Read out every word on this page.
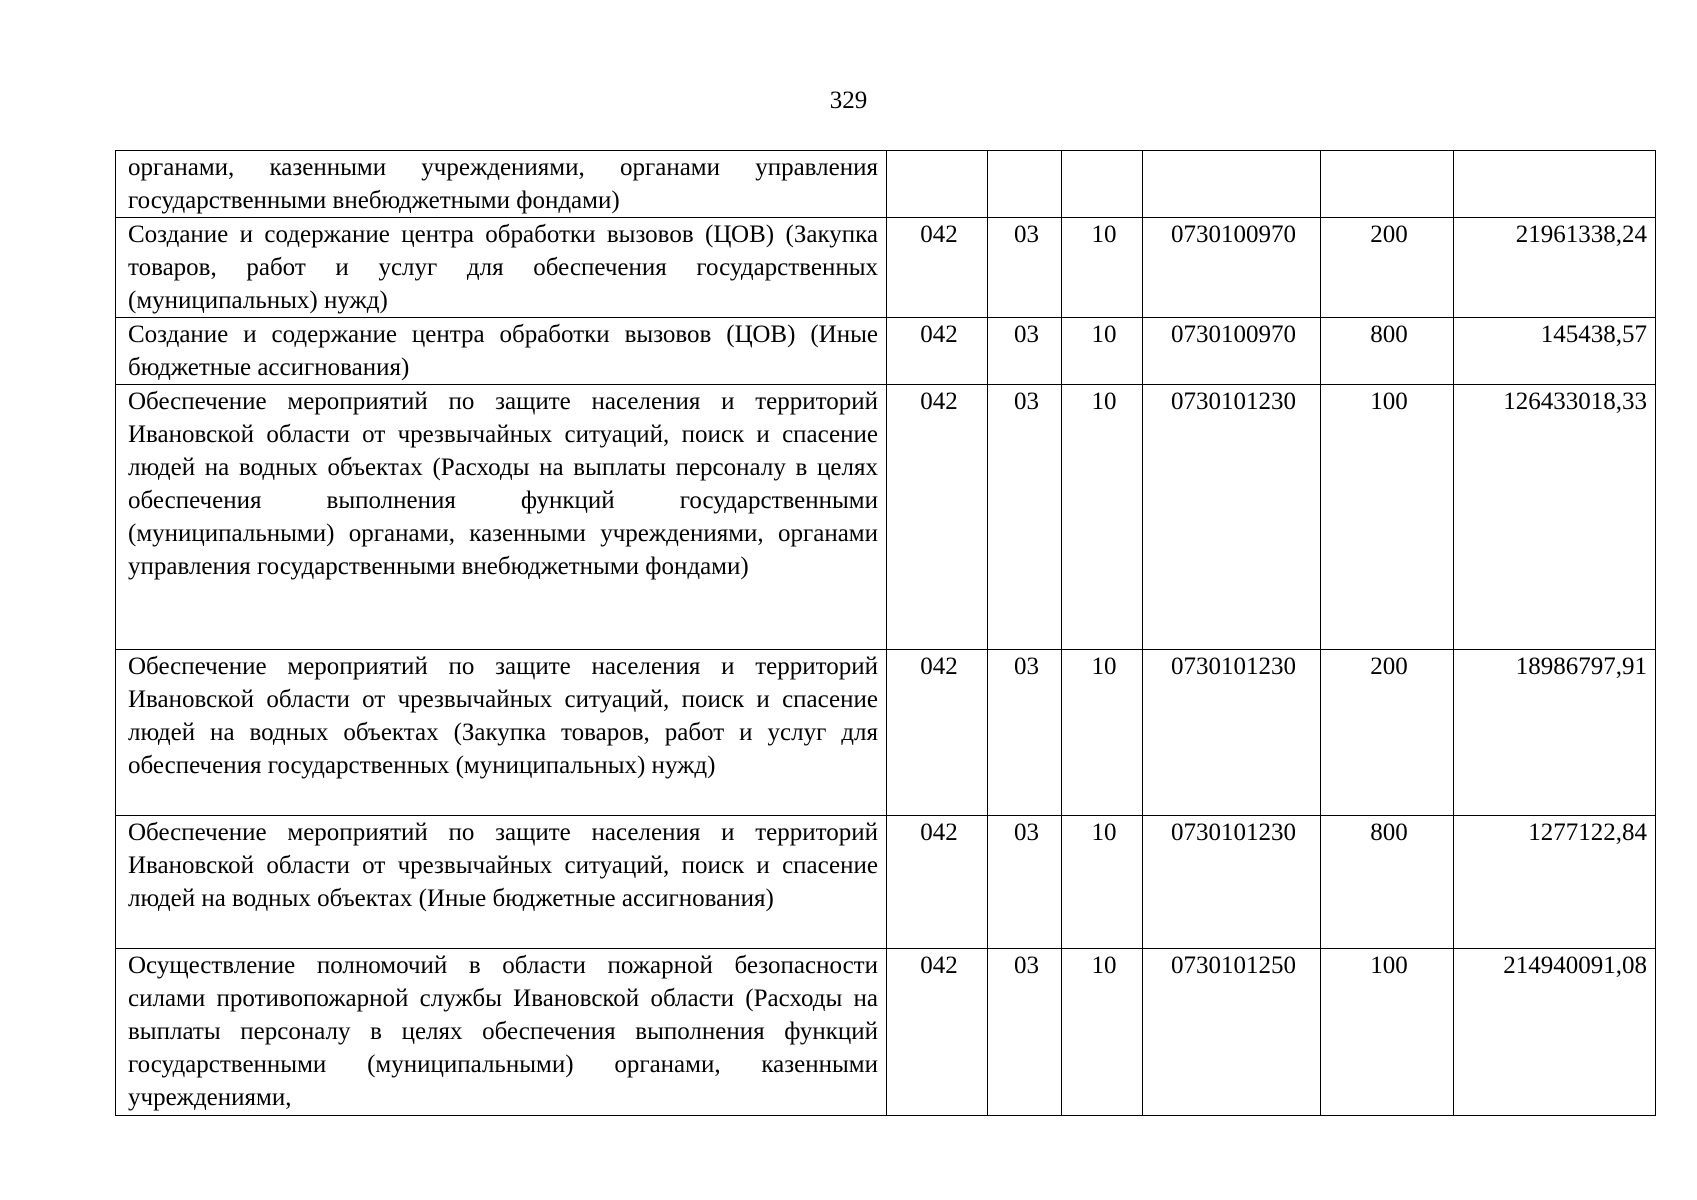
329
органами, казенными учреждениями, органами управления государственными внебюджетными фондами)						
Создание и содержание центра обработки вызовов (ЦОВ) (Закупка товаров, работ и услуг для обеспечения государственных (муниципальных) нужд)	042	03	10	0730100970	200	21961338,24
Создание и содержание центра обработки вызовов (ЦОВ) (Иные бюджетные ассигнования)	042	03	10	0730100970	800	145438,57
Обеспечение мероприятий по защите населения и территорий Ивановской области от чрезвычайных ситуаций, поиск и спасение людей на водных объектах (Расходы на выплаты персоналу в целях обеспечения выполнения функций государственными (муниципальными) органами, казенными учреждениями, органами управления государственными внебюджетными фондами)	042	03	10	0730101230	100	126433018,33
Обеспечение мероприятий по защите населения и территорий Ивановской области от чрезвычайных ситуаций, поиск и спасение людей на водных объектах (Закупка товаров, работ и услуг для обеспечения государственных (муниципальных) нужд)	042	03	10	0730101230	200	18986797,91
Обеспечение мероприятий по защите населения и территорий Ивановской области от чрезвычайных ситуаций, поиск и спасение людей на водных объектах (Иные бюджетные ассигнования)	042	03	10	0730101230	800	1277122,84
Осуществление полномочий в области пожарной безопасности силами противопожарной службы Ивановской области (Расходы на выплаты персоналу в целях обеспечения выполнения функций государственными (муниципальными) органами, казенными учреждениями,	042	03	10	0730101250	100	214940091,08
